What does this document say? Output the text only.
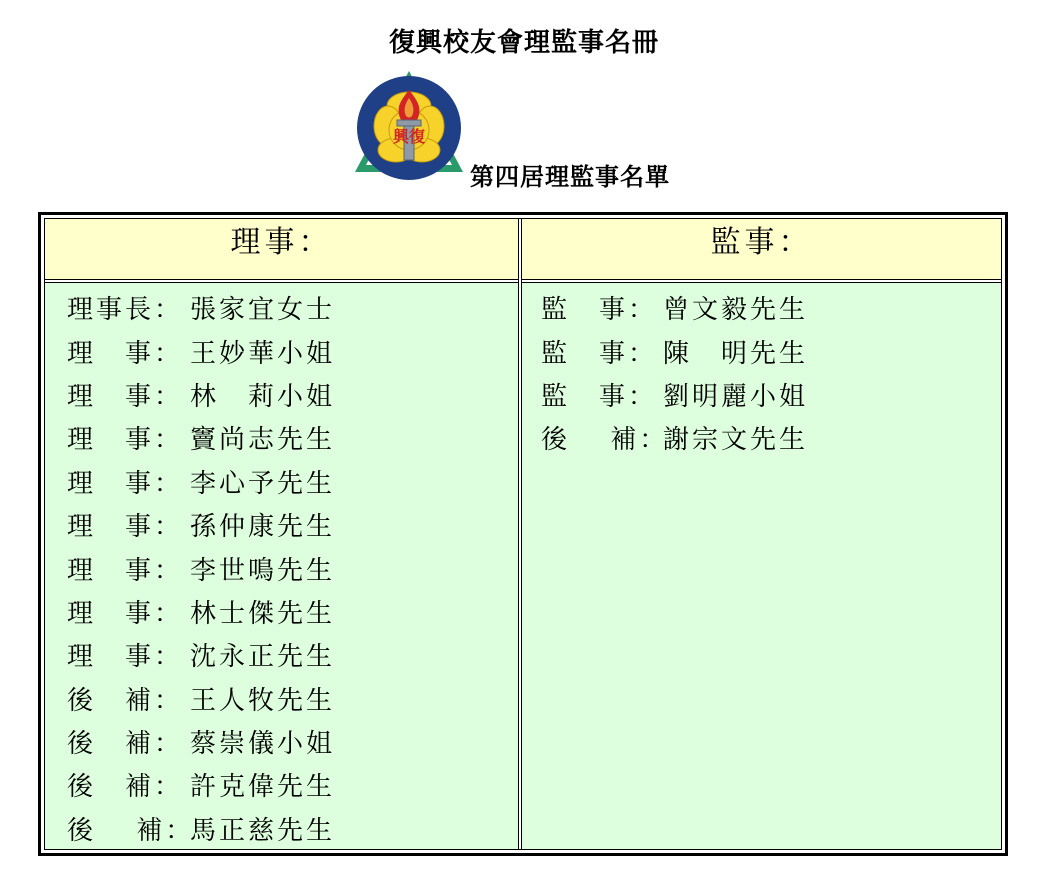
復興校友會理監事名冊
興復
第四居理監事名單
理事：	監事：
理事長： 張家宜女士
理　事： 王妙華小姐
理　事： 林　莉小姐
理　事： 竇尚志先生
理　事： 李心予先生
理　事： 孫仲康先生
理　事： 李世鳴先生
理　事： 林士傑先生
理　事： 沈永正先生
後　補： 王人牧先生
後　補： 蔡崇儀小姐
後　補： 許克偉先生
後　 補：
馬正慈先生
監　事： 曾文毅先生
監　事： 陳　明先生
監　事： 劉明麗小姐
後　 補：
謝宗文先生
